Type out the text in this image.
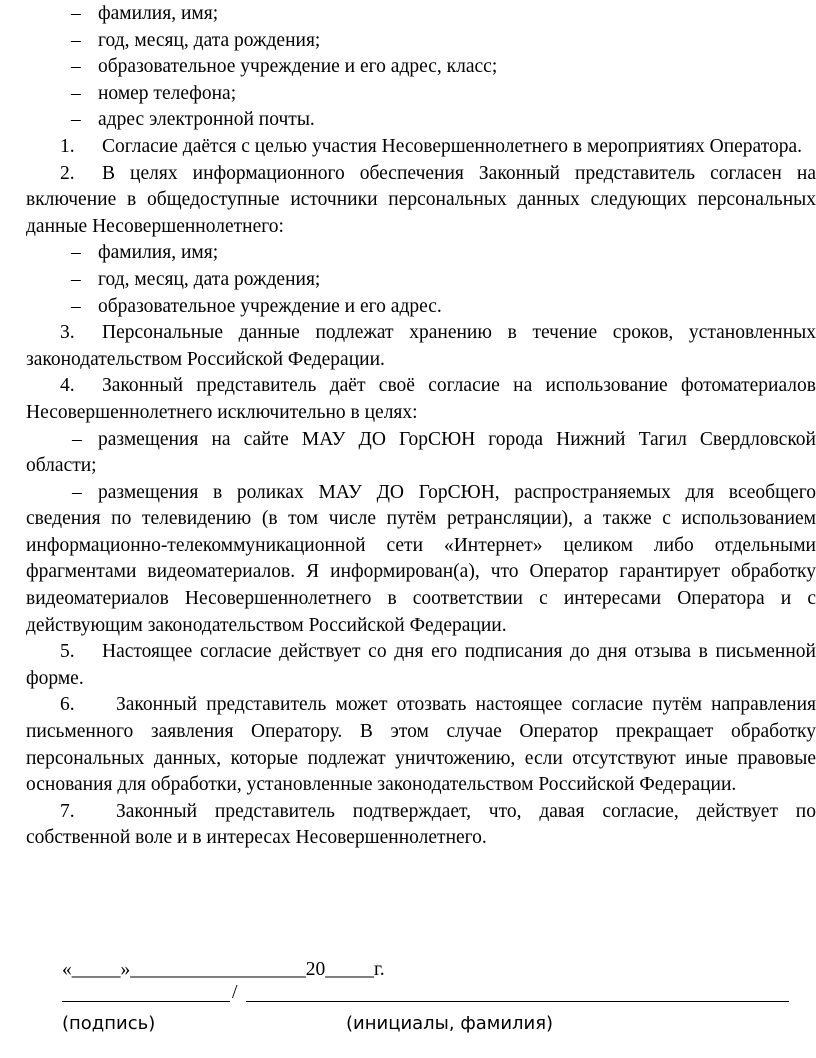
– фамилия, имя;
– год, месяц, дата рождения;
– образовательное учреждение и его адрес, класс;
– номер телефона;
– адрес электронной почты.
1. Согласие даётся с целью участия Несовершеннолетнего в мероприятиях Оператора.
2. В целях информационного обеспечения Законный представитель согласен на включение в общедоступные источники персональных данных следующих персональных данные Несовершеннолетнего:
– фамилия, имя;
– год, месяц, дата рождения;
– образовательное учреждение и его адрес.
3. Персональные данные подлежат хранению в течение сроков, установленных законодательством Российской Федерации.
4. Законный представитель даёт своё согласие на использование фотоматериалов Несовершеннолетнего исключительно в целях:
– размещения на сайте МАУ ДО ГорСЮН города Нижний Тагил Свердловской области;
– размещения в роликах МАУ ДО ГорСЮН, распространяемых для всеобщего сведения по телевидению (в том числе путём ретрансляции), а также с использованием информационно-телекоммуникационной сети «Интернет» целиком либо отдельными фрагментами видеоматериалов. Я информирован(а), что Оператор гарантирует обработку видеоматериалов Несовершеннолетнего в соответствии с интересами Оператора и с действующим законодательством Российской Федерации.
5. Настоящее согласие действует со дня его подписания до дня отзыва в письменной форме.
6. Законный представитель может отозвать настоящее согласие путём направления письменного заявления Оператору. В этом случае Оператор прекращает обработку персональных данных, которые подлежат уничтожению, если отсутствуют иные правовые основания для обработки, установленные законодательством Российской Федерации.
7. Законный представитель подтверждает, что, давая согласие, действует по собственной воле и в интересах Несовершеннолетнего.
«_____»__________________20_____г.
/
(подпись)	(инициалы, фамилия)
